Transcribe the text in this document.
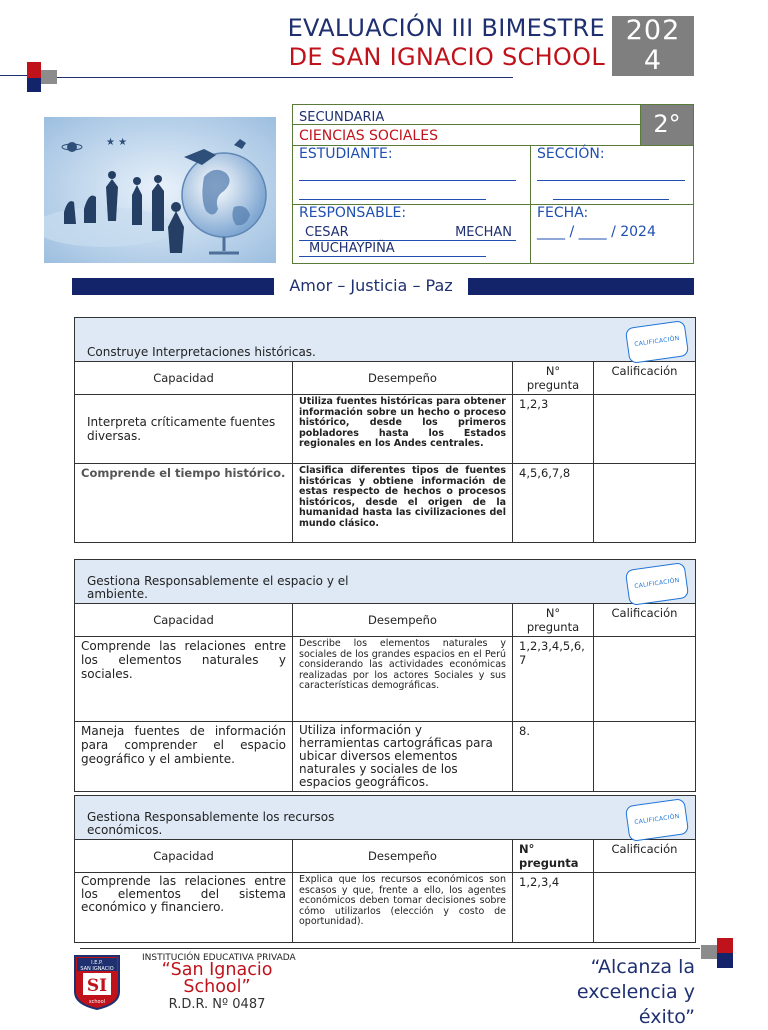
EVALUACIÓN III BIMESTRE
DE SAN IGNACIO SCHOOL
202
4
★ ★
SECUNDARIA
CIENCIAS SOCIALES	2°
ESTUDIANTE:	SECCIÓN:
RESPONSABLE:
CESAR	MECHAN
MUCHAYPIÑA
FECHA:
____ / ____ / 2024
Amor – Justicia – Paz
Construye Interpretaciones históricas.
CALIFICACIÓN			

Capacidad	Desempeño	N° pregunta	Calificación
Interpreta críticamente fuentes diversas.	Utiliza fuentes históricas para obtener información sobre un hecho o proceso histórico, desde los primeros pobladores hasta los Estados regionales en los Andes centrales.	1,2,3	
Comprende el tiempo histórico.	Clasifica diferentes tipos de fuentes históricas y obtiene información de estas respecto de hechos o procesos históricos, desde el origen de la humanidad hasta las civilizaciones del mundo clásico.	4,5,6,7,8	
Gestiona Responsablemente el espacio y el ambiente.
CALIFICACIÓN			

Capacidad	Desempeño	N° pregunta	Calificación
Comprende las relaciones entre los elementos naturales y sociales.	Describe los elementos naturales y sociales de los grandes espacios en el Perú considerando las actividades económicas realizadas por los actores Sociales y sus características demográficas.	1,2,3,4,5,6,7	
Maneja fuentes de información para comprender el espacio geográfico y el ambiente.	Utiliza información y herramientas cartográficas para ubicar diversos elementos naturales y sociales de los espacios geográficos.	8.	
Gestiona Responsablemente los recursos económicos.
CALIFICACIÓN			

Capacidad	Desempeño	N° pregunta	Calificación
Comprende las relaciones entre los elementos del sistema económico y financiero.	Explica que los recursos económicos son escasos y que, frente a ello, los agentes económicos deben tomar decisiones sobre cómo utilizarlos (elección y costo de oportunidad).	1,2,3,4	
I.E.P.
SAN IGNACIO
SI
school
INSTITUCIÓN EDUCATIVA PRIVADA
“San Ignacio School”
R.D.R. Nº 0487
“Alcanza la excelencia y éxito”
